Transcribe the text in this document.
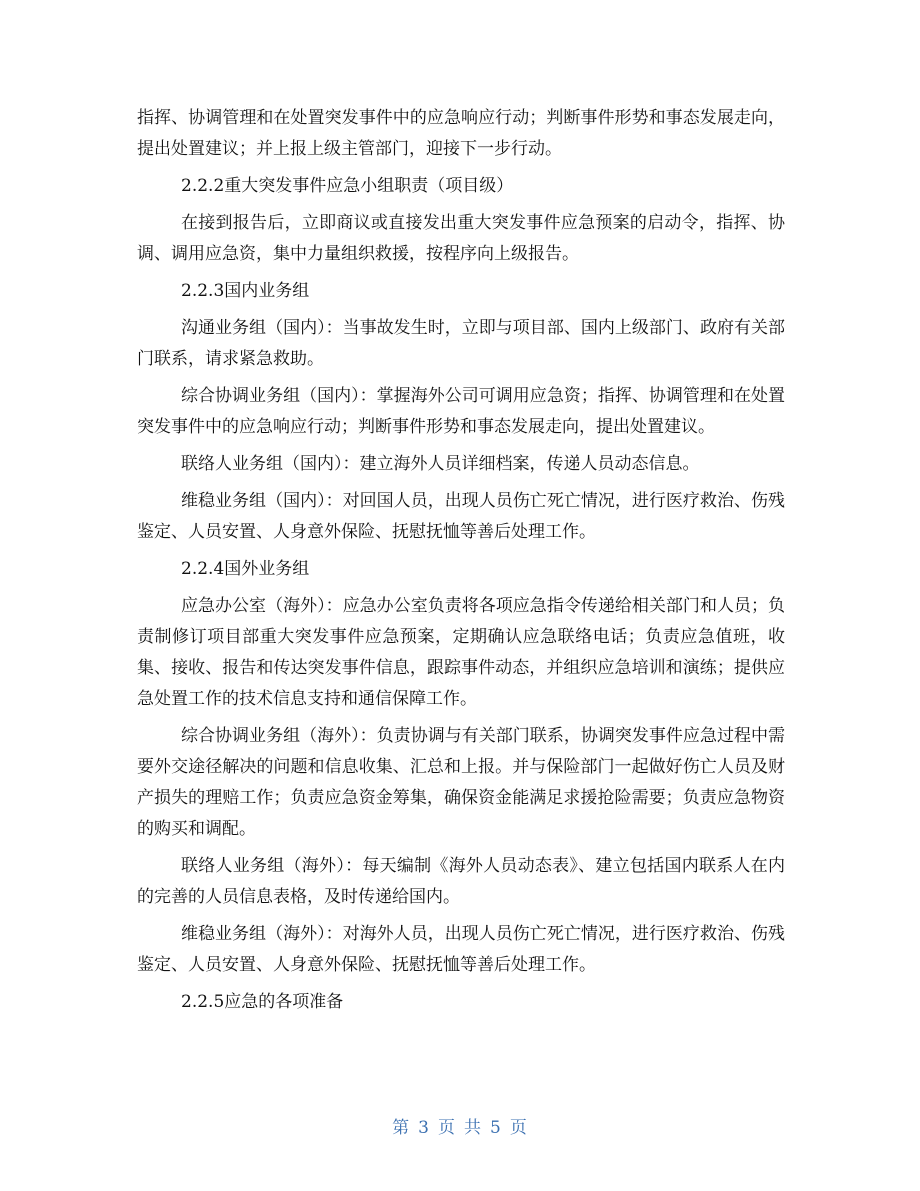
指挥、协调管理和在处置突发事件中的应急响应行动；判断事件形势和事态发展走向，提出处置建议；并上报上级主管部门，迎接下一步行动。

2.2.2重大突发事件应急小组职责（项目级）

在接到报告后，立即商议或直接发出重大突发事件应急预案的启动令，指挥、协调、调用应急资，集中力量组织救援，按程序向上级报告。

2.2.3国内业务组

沟通业务组（国内）：当事故发生时，立即与项目部、国内上级部门、政府有关部门联系，请求紧急救助。

综合协调业务组（国内）：掌握海外公司可调用应急资；指挥、协调管理和在处置突发事件中的应急响应行动；判断事件形势和事态发展走向，提出处置建议。

联络人业务组（国内）：建立海外人员详细档案，传递人员动态信息。

维稳业务组（国内）：对回国人员，出现人员伤亡死亡情况，进行医疗救治、伤残鉴定、人员安置、人身意外保险、抚慰抚恤等善后处理工作。

2.2.4国外业务组

应急办公室（海外）：应急办公室负责将各项应急指令传递给相关部门和人员；负责制修订项目部重大突发事件应急预案，定期确认应急联络电话；负责应急值班，收集、接收、报告和传达突发事件信息，跟踪事件动态，并组织应急培训和演练；提供应急处置工作的技术信息支持和通信保障工作。

综合协调业务组（海外）：负责协调与有关部门联系，协调突发事件应急过程中需要外交途径解决的问题和信息收集、汇总和上报。并与保险部门一起做好伤亡人员及财产损失的理赔工作；负责应急资金筹集，确保资金能满足求援抢险需要；负责应急物资的购买和调配。

联络人业务组（海外）：每天编制《海外人员动态表》、建立包括国内联系人在内的完善的人员信息表格，及时传递给国内。

维稳业务组（海外）：对海外人员，出现人员伤亡死亡情况，进行医疗救治、伤残鉴定、人员安置、人身意外保险、抚慰抚恤等善后处理工作。

2.2.5应急的各项准备

第 3 页 共 5 页
